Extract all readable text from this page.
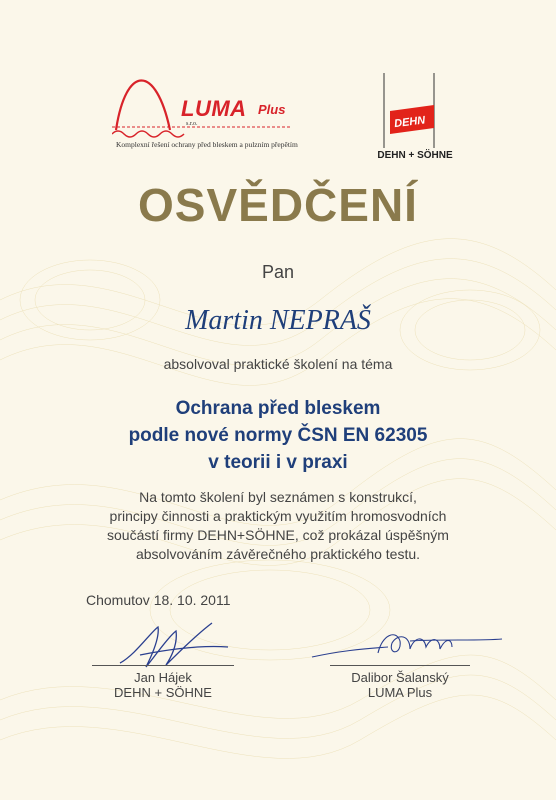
LUMA Plus
s.r.o.
Komplexní řešení ochrany před bleskem a pulzním přepětím
DEHN
DEHN + SÖHNE
OSVĚDČENÍ
Pan
Martin NEPRAŠ
absolvoval praktické školení na téma
Ochrana před bleskem
podle nové normy ČSN EN 62305
v teorii i v praxi
Na tomto školení byl seznámen s konstrukcí,
principy činnosti a praktickým využitím hromosvodních
součástí firmy DEHN+SÖHNE, což prokázal úspěšným
absolvováním závěrečného praktického testu.
Chomutov 18. 10. 2011
Jan Hájek
DEHN + SÖHNE
Dalibor Šalanský
LUMA Plus
